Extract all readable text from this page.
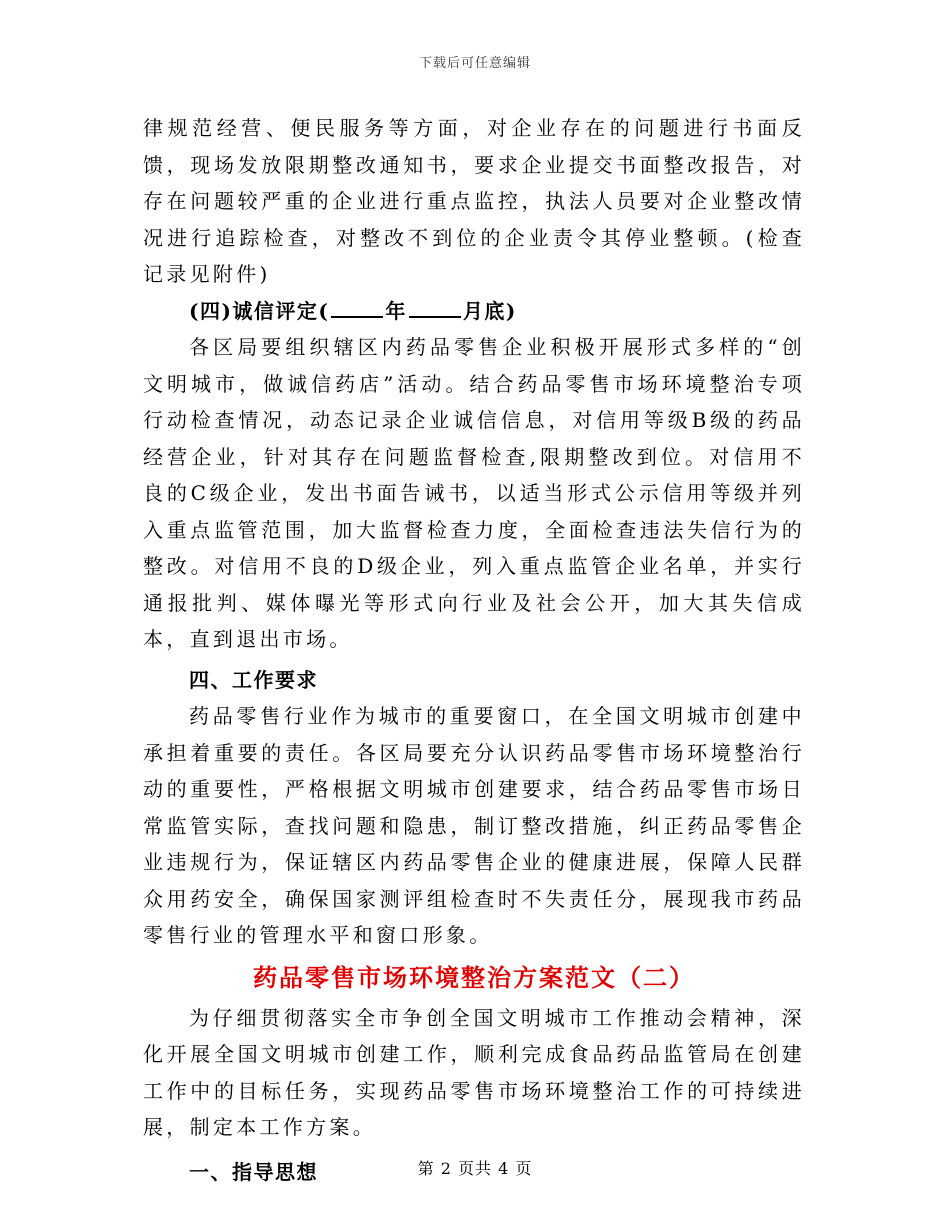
下载后可任意编辑

律规范经营、便民服务等方面，对企业存在的问题进行书面反馈，现场发放限期整改通知书，要求企业提交书面整改报告，对存在问题较严重的企业进行重点监控，执法人员要对企业整改情况进行追踪检查，对整改不到位的企业责令其停业整顿。(检查记录见附件)

(四)诚信评定(	年	月底)

各区局要组织辖区内药品零售企业积极开展形式多样的“创文明城市，做诚信药店”活动。结合药品零售市场环境整治专项行动检查情况，动态记录企业诚信信息，对信用等级B级的药品经营企业，针对其存在问题监督检查,限期整改到位。对信用不良的C级企业，发出书面告诫书，以适当形式公示信用等级并列入重点监管范围，加大监督检查力度，全面检查违法失信行为的整改。对信用不良的D级企业，列入重点监管企业名单，并实行通报批判、媒体曝光等形式向行业及社会公开，加大其失信成本，直到退出市场。

四、工作要求

药品零售行业作为城市的重要窗口，在全国文明城市创建中承担着重要的责任。各区局要充分认识药品零售市场环境整治行动的重要性，严格根据文明城市创建要求，结合药品零售市场日常监管实际，查找问题和隐患，制订整改措施，纠正药品零售企业违规行为，保证辖区内药品零售企业的健康进展，保障人民群众用药安全，确保国家测评组检查时不失责任分，展现我市药品零售行业的管理水平和窗口形象。

药品零售市场环境整治方案范文（二）

为仔细贯彻落实全市争创全国文明城市工作推动会精神，深化开展全国文明城市创建工作，顺利完成食品药品监管局在创建工作中的目标任务，实现药品零售市场环境整治工作的可持续进展，制定本工作方案。

一、指导思想	第 2 页共 4 页
